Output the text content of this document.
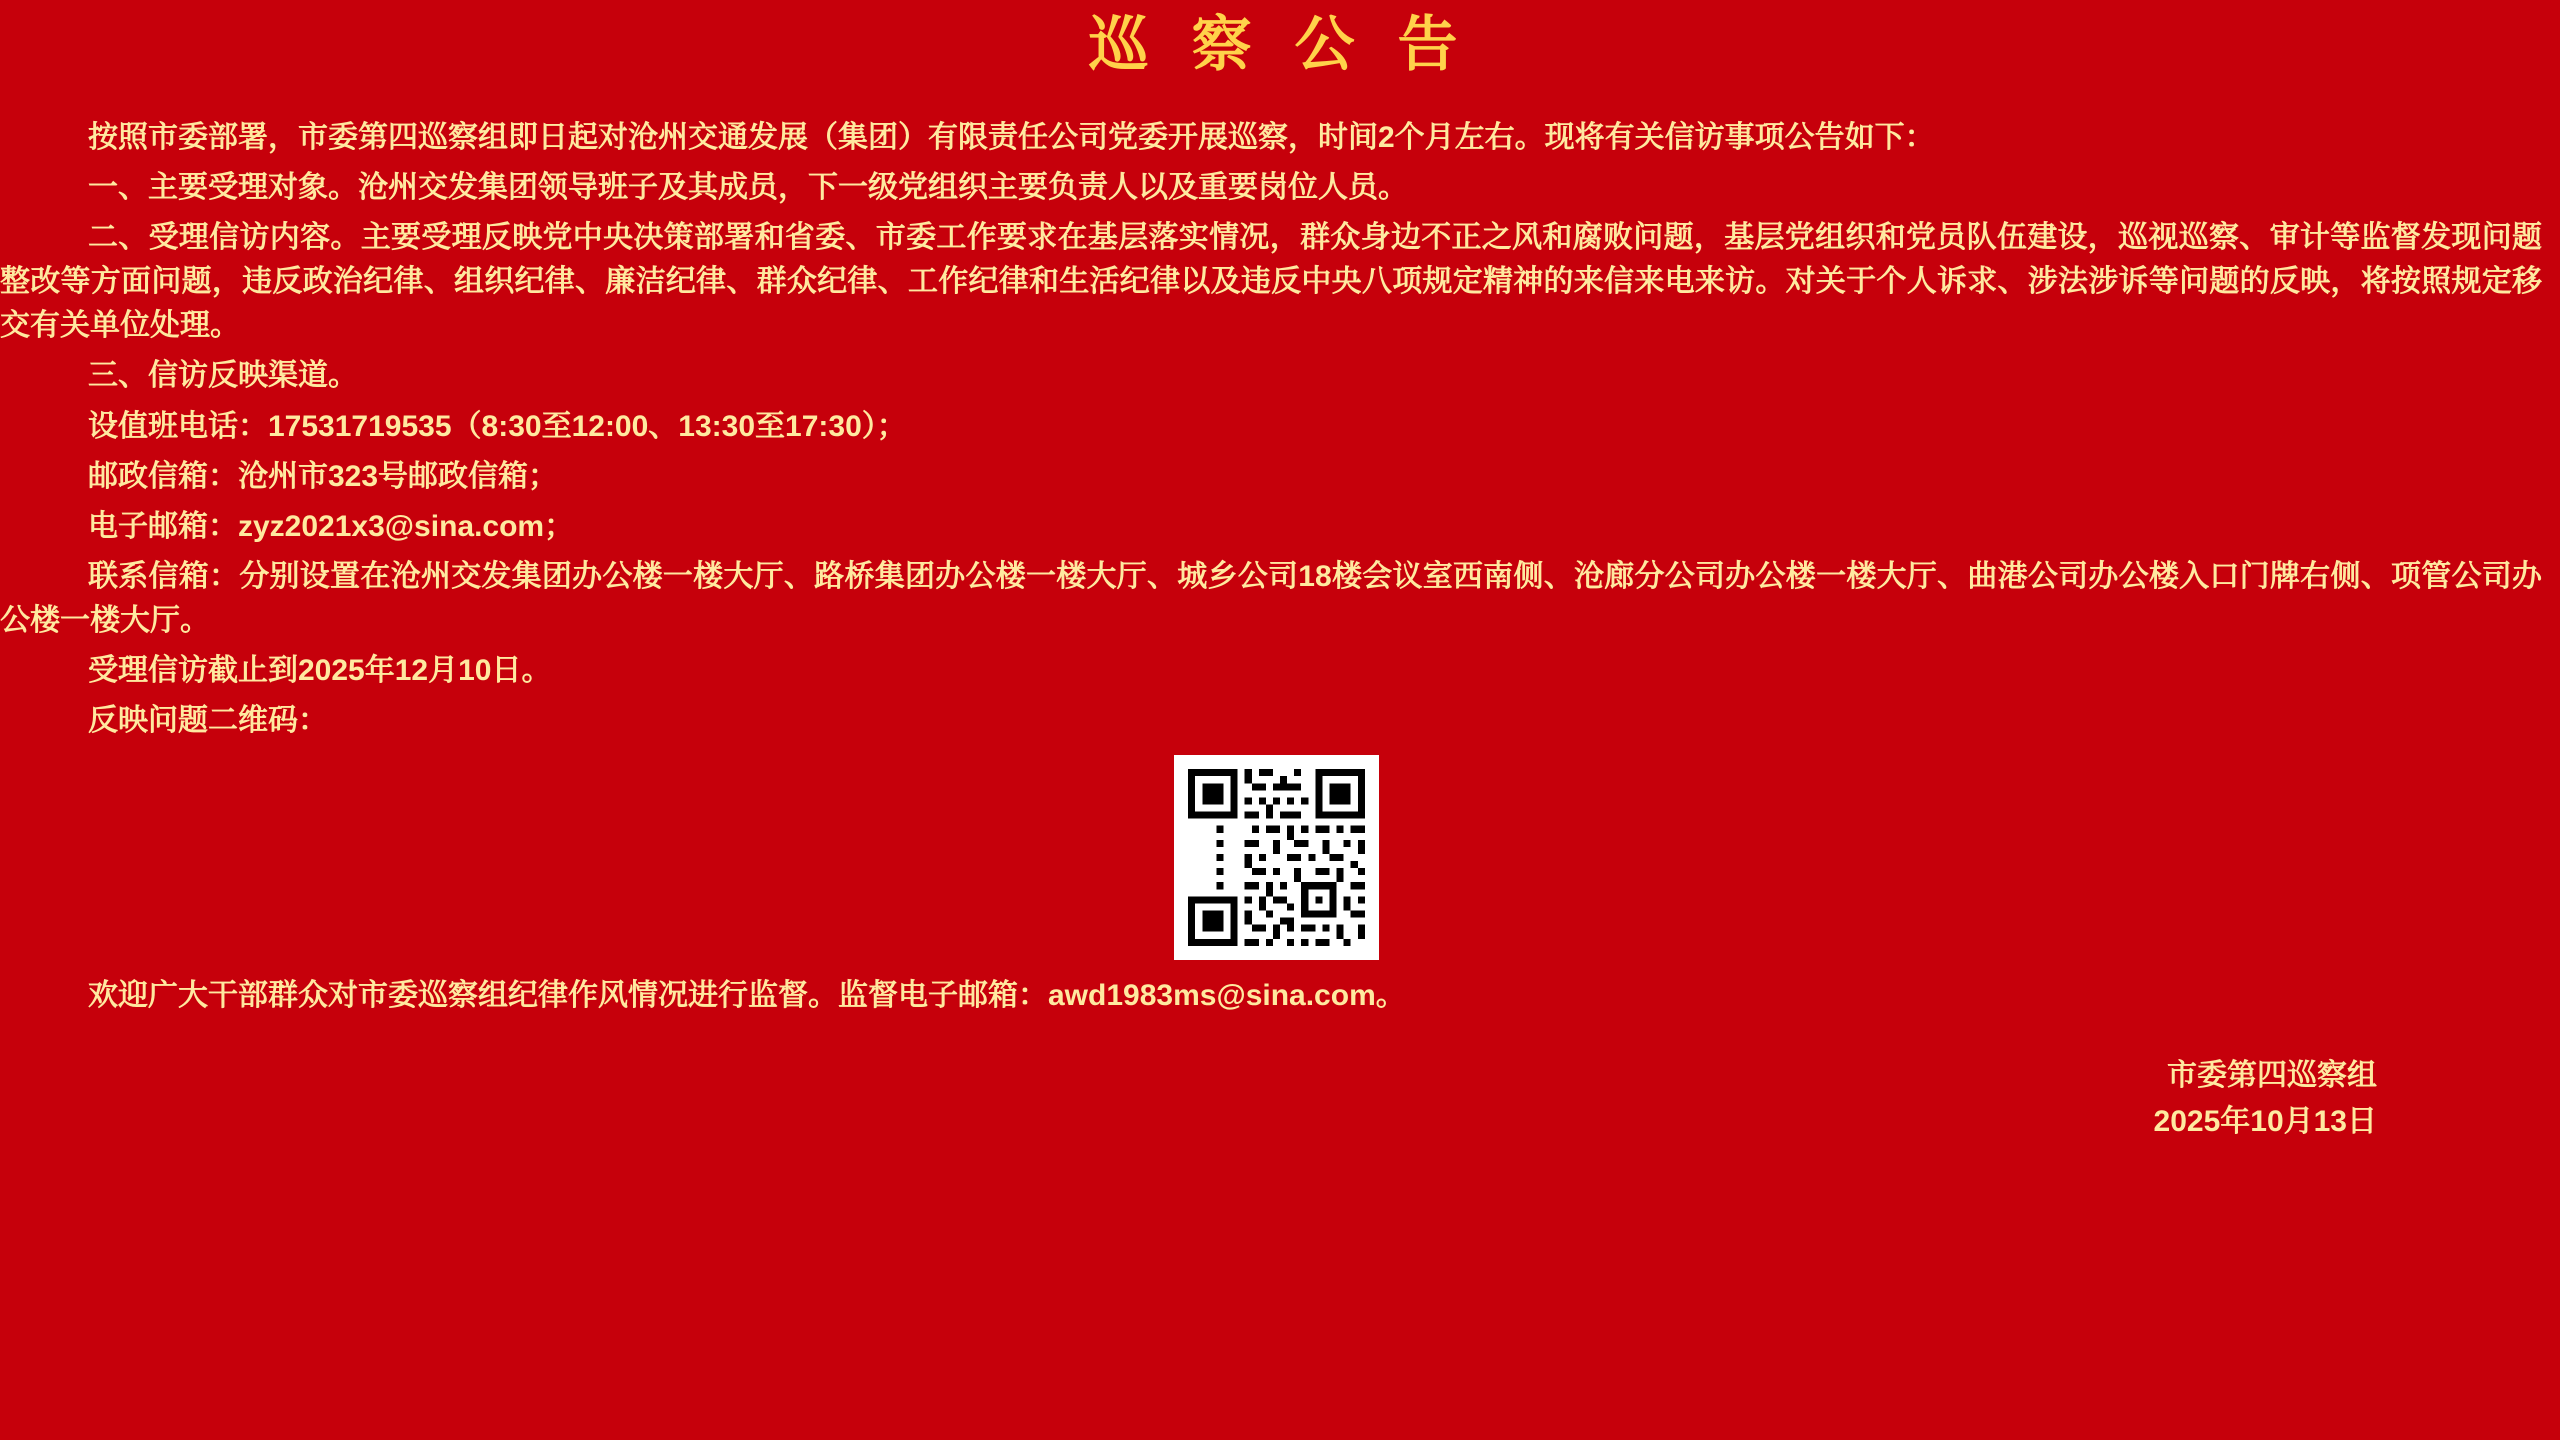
巡 察 公 告

按照市委部署，市委第四巡察组即日起对沧州交通发展（集团）有限责任公司党委开展巡察，时间2个月左右。现将有关信访事项公告如下：

一、主要受理对象。沧州交发集团领导班子及其成员，下一级党组织主要负责人以及重要岗位人员。

二、受理信访内容。主要受理反映党中央决策部署和省委、市委工作要求在基层落实情况，群众身边不正之风和腐败问题，基层党组织和党员队伍建设，巡视巡察、审计等监督发现问题整改等方面问题，违反政治纪律、组织纪律、廉洁纪律、群众纪律、工作纪律和生活纪律以及违反中央八项规定精神的来信来电来访。对关于个人诉求、涉法涉诉等问题的反映，将按照规定移交有关单位处理。

三、信访反映渠道。

设值班电话：17531719535（8:30至12:00、13:30至17:30）；

邮政信箱：沧州市323号邮政信箱；

电子邮箱：zyz2021x3@sina.com；

联系信箱：分别设置在沧州交发集团办公楼一楼大厅、路桥集团办公楼一楼大厅、城乡公司18楼会议室西南侧、沧廊分公司办公楼一楼大厅、曲港公司办公楼入口门牌右侧、项管公司办公楼一楼大厅。

受理信访截止到2025年12月10日。

反映问题二维码：

欢迎广大干部群众对市委巡察组纪律作风情况进行监督。监督电子邮箱：awd1983ms@sina.com。

市委第四巡察组
2025年10月13日
